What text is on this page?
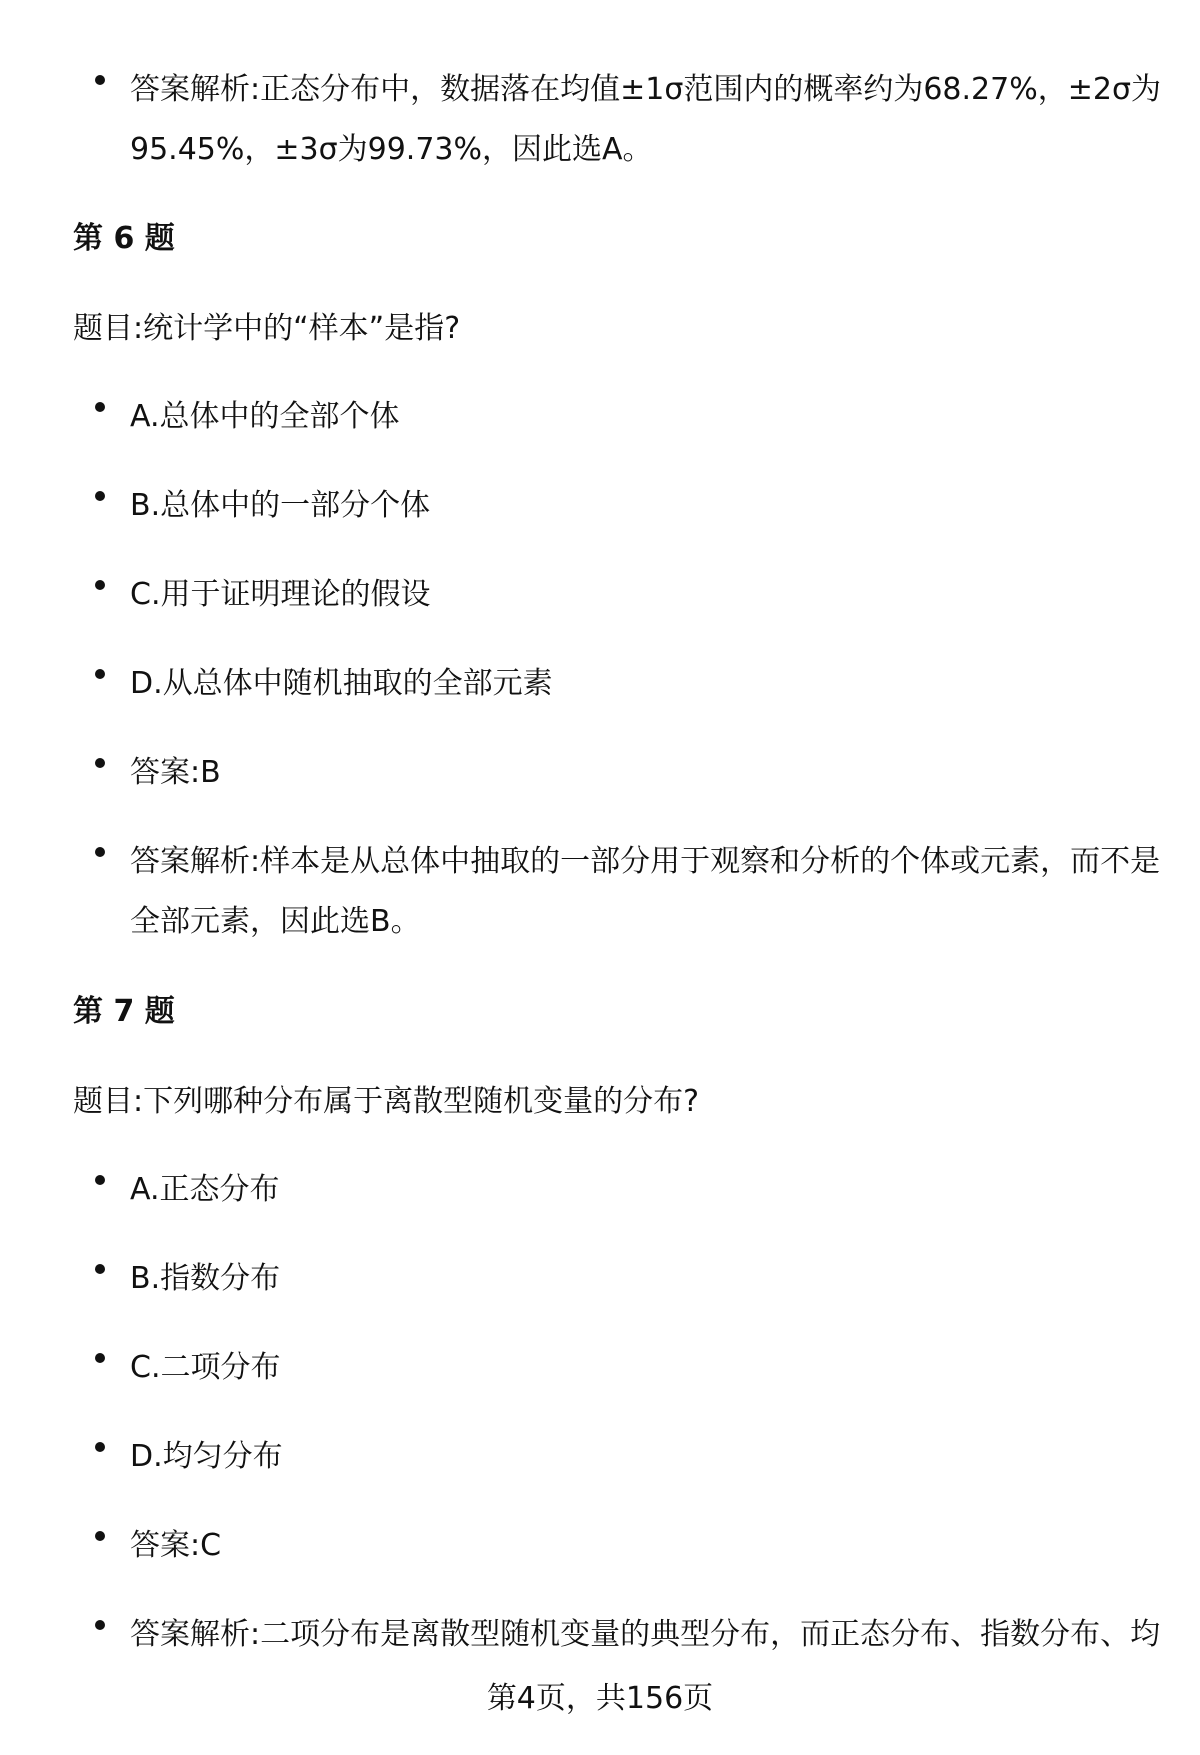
答案解析:正态分布中，数据落在均值±1σ范围内的概率约为68.27%，±2σ为95.45%，±3σ为99.73%，因此选A。
第 6 题
题目:统计学中的“样本”是指?
A.总体中的全部个体
B.总体中的一部分个体
C.用于证明理论的假设
D.从总体中随机抽取的全部元素
答案:B
答案解析:样本是从总体中抽取的一部分用于观察和分析的个体或元素，而不是全部元素，因此选B。
第 7 题
题目:下列哪种分布属于离散型随机变量的分布?
A.正态分布
B.指数分布
C.二项分布
D.均匀分布
答案:C
答案解析:二项分布是离散型随机变量的典型分布，而正态分布、指数分布、均
第4页，共156页
